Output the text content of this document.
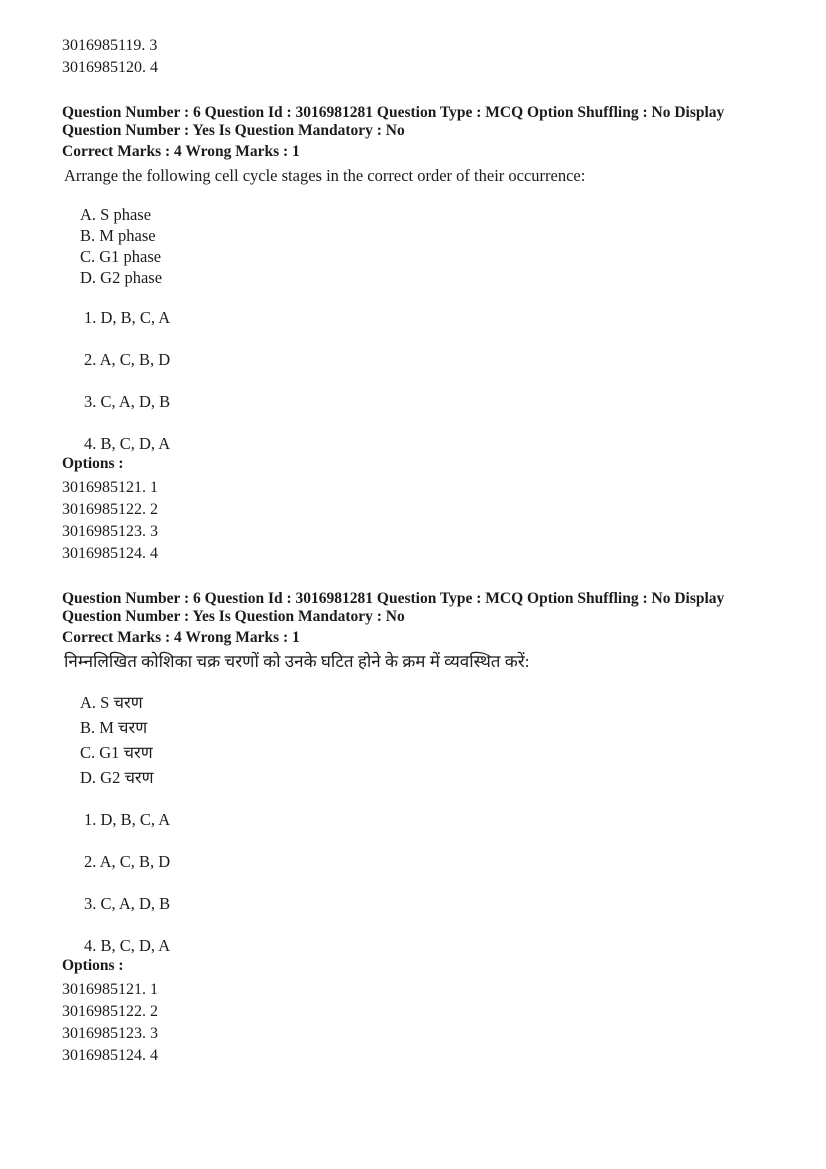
3016985119. 3
3016985120. 4

Question Number : 6 Question Id : 3016981281 Question Type : MCQ Option Shuffling : No Display Question Number : Yes Is Question Mandatory : No

Correct Marks : 4 Wrong Marks : 1

Arrange the following cell cycle stages in the correct order of their occurrence:

A. S phase
B. M phase
C. G1 phase
D. G2 phase
1. D, B, C, A
2. A, C, B, D
3. C, A, D, B
4. B, C, D, A

Options :

3016985121. 1
3016985122. 2
3016985123. 3
3016985124. 4

Question Number : 6 Question Id : 3016981281 Question Type : MCQ Option Shuffling : No Display Question Number : Yes Is Question Mandatory : No

Correct Marks : 4 Wrong Marks : 1

निम्नलिखित कोशिका चक्र चरणों को उनके घटित होने के क्रम में व्यवस्थित करें:

A. S चरण
B. M चरण
C. G1 चरण
D. G2 चरण
1. D, B, C, A
2. A, C, B, D
3. C, A, D, B
4. B, C, D, A

Options :

3016985121. 1
3016985122. 2
3016985123. 3
3016985124. 4
